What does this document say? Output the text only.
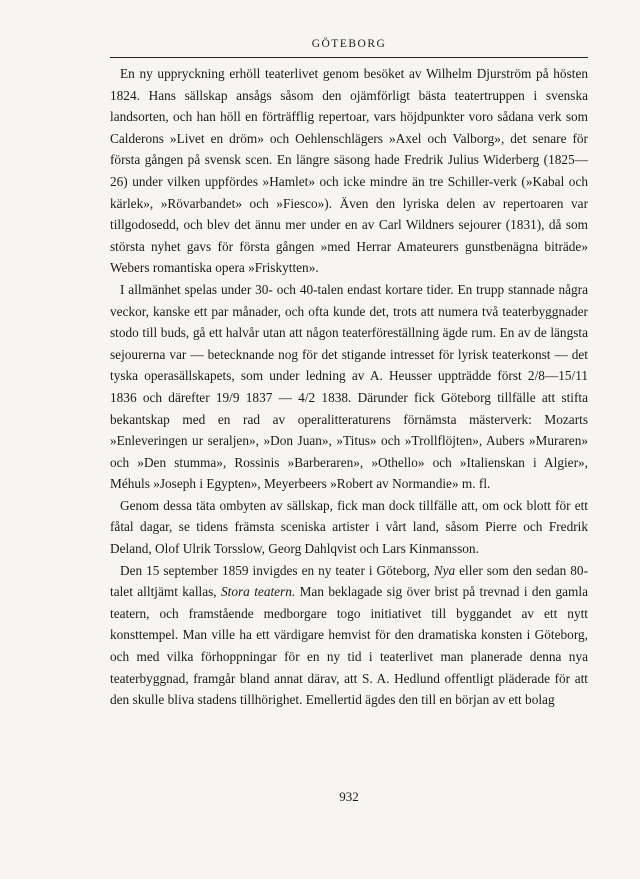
GÖTEBORG

En ny uppryckning erhöll teaterlivet genom besöket av Wilhelm Djurström på hösten 1824. Hans sällskap ansågs såsom den ojämförligt bästa teatertruppen i svenska landsorten, och han höll en förträfflig repertoar, vars höjdpunkter voro sådana verk som Calderons »Livet en dröm» och Oehlenschlägers »Axel och Valborg», det senare för första gången på svensk scen. En längre säsong hade Fredrik Julius Widerberg (1825—26) under vilken uppfördes »Hamlet» och icke mindre än tre Schiller-verk (»Kabal och kärlek», »Rövarbandet» och »Fiesco»). Även den lyriska delen av repertoaren var tillgodosedd, och blev det ännu mer under en av Carl Wildners sejourer (1831), då som största nyhet gavs för första gången »med Herrar Amateurers gunstbenägna biträde» Webers romantiska opera »Friskytten».

I allmänhet spelas under 30- och 40-talen endast kortare tider. En trupp stannade några veckor, kanske ett par månader, och ofta kunde det, trots att numera två teaterbyggnader stodo till buds, gå ett halvår utan att någon teaterföreställning ägde rum. En av de längsta sejourerna var — betecknande nog för det stigande intresset för lyrisk teaterkonst — det tyska operasällskapets, som under ledning av A. Heusser uppträdde först 2/8—15/11 1836 och därefter 19/9 1837 — 4/2 1838. Därunder fick Göteborg tillfälle att stifta bekantskap med en rad av operalitteraturens förnämsta mästerverk: Mozarts »Enleveringen ur seraljen», »Don Juan», »Titus» och »Trollflöjten», Aubers »Muraren» och »Den stumma», Rossinis »Barberaren», »Othello» och »Italienskan i Algier», Méhuls »Joseph i Egypten», Meyerbeers »Robert av Normandie» m. fl.

Genom dessa täta ombyten av sällskap, fick man dock tillfälle att, om ock blott för ett fåtal dagar, se tidens främsta sceniska artister i vårt land, såsom Pierre och Fredrik Deland, Olof Ulrik Torsslow, Georg Dahlqvist och Lars Kinmansson.

Den 15 september 1859 invigdes en ny teater i Göteborg, Nya eller som den sedan 80-talet alltjämt kallas, Stora teatern. Man beklagade sig över brist på trevnad i den gamla teatern, och framstående medborgare togo initiativet till byggandet av ett nytt konsttempel. Man ville ha ett värdigare hemvist för den dramatiska konsten i Göteborg, och med vilka förhoppningar för en ny tid i teaterlivet man planerade denna nya teaterbyggnad, framgår bland annat därav, att S. A. Hedlund offentligt pläderade för att den skulle bliva stadens tillhörighet. Emellertid ägdes den till en början av ett bolag

932
